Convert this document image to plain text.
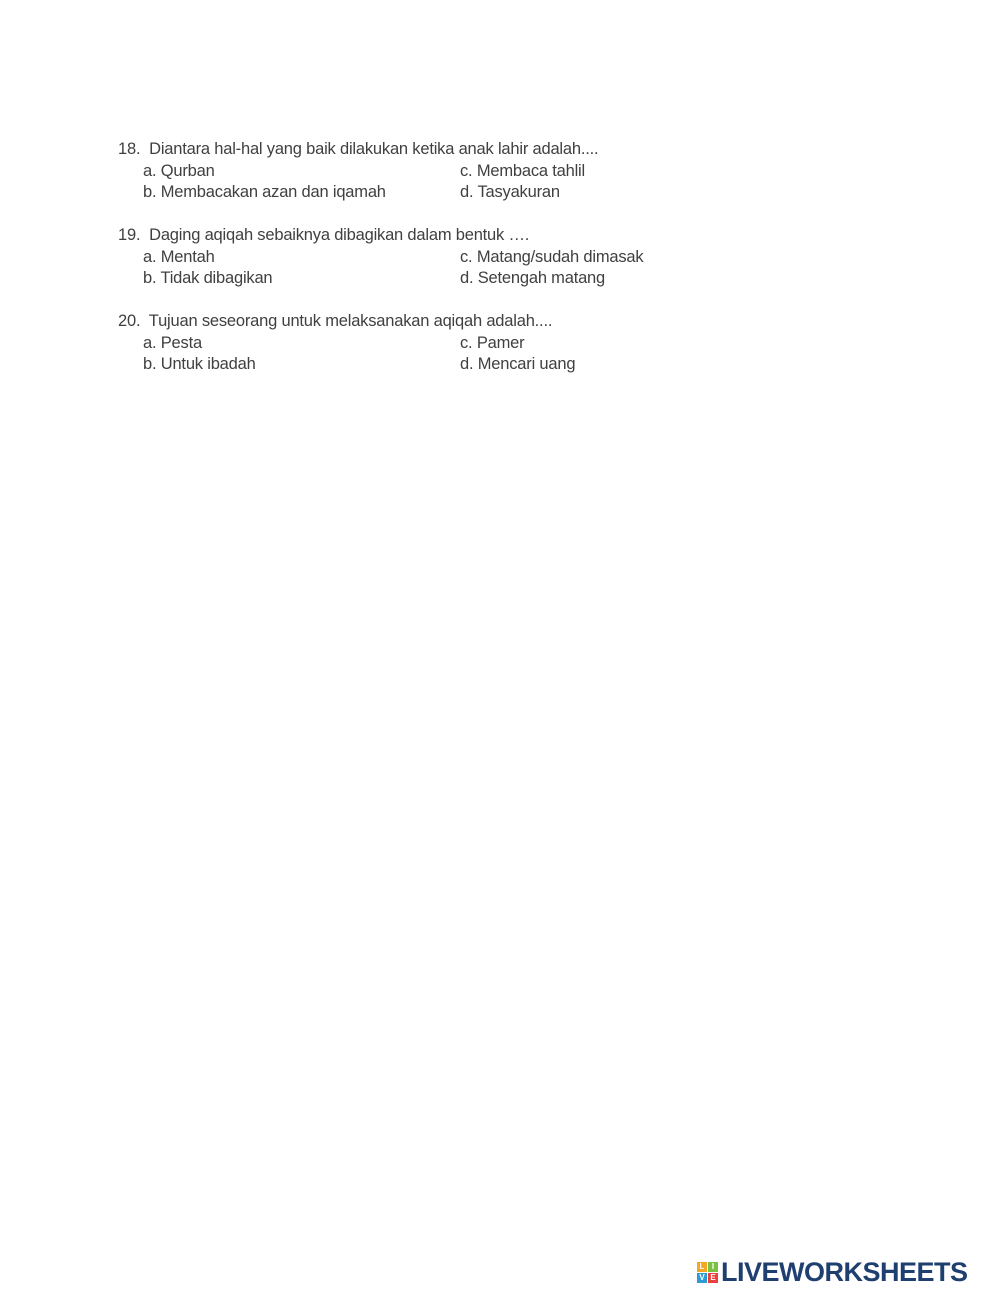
18.  Diantara hal-hal yang baik dilakukan ketika anak lahir adalah....
a. Qurban	c. Membaca tahlil
b. Membacakan azan dan iqamah	d. Tasyakuran
19.  Daging aqiqah sebaiknya dibagikan dalam bentuk ….
a. Mentah	c. Matang/sudah dimasak
b. Tidak dibagikan	d. Setengah matang
20.  Tujuan seseorang untuk melaksanakan aqiqah adalah....
a. Pesta	c. Pamer
b. Untuk ibadah	d. Mencari uang
L I
V E LIVEWORKSHEETS
